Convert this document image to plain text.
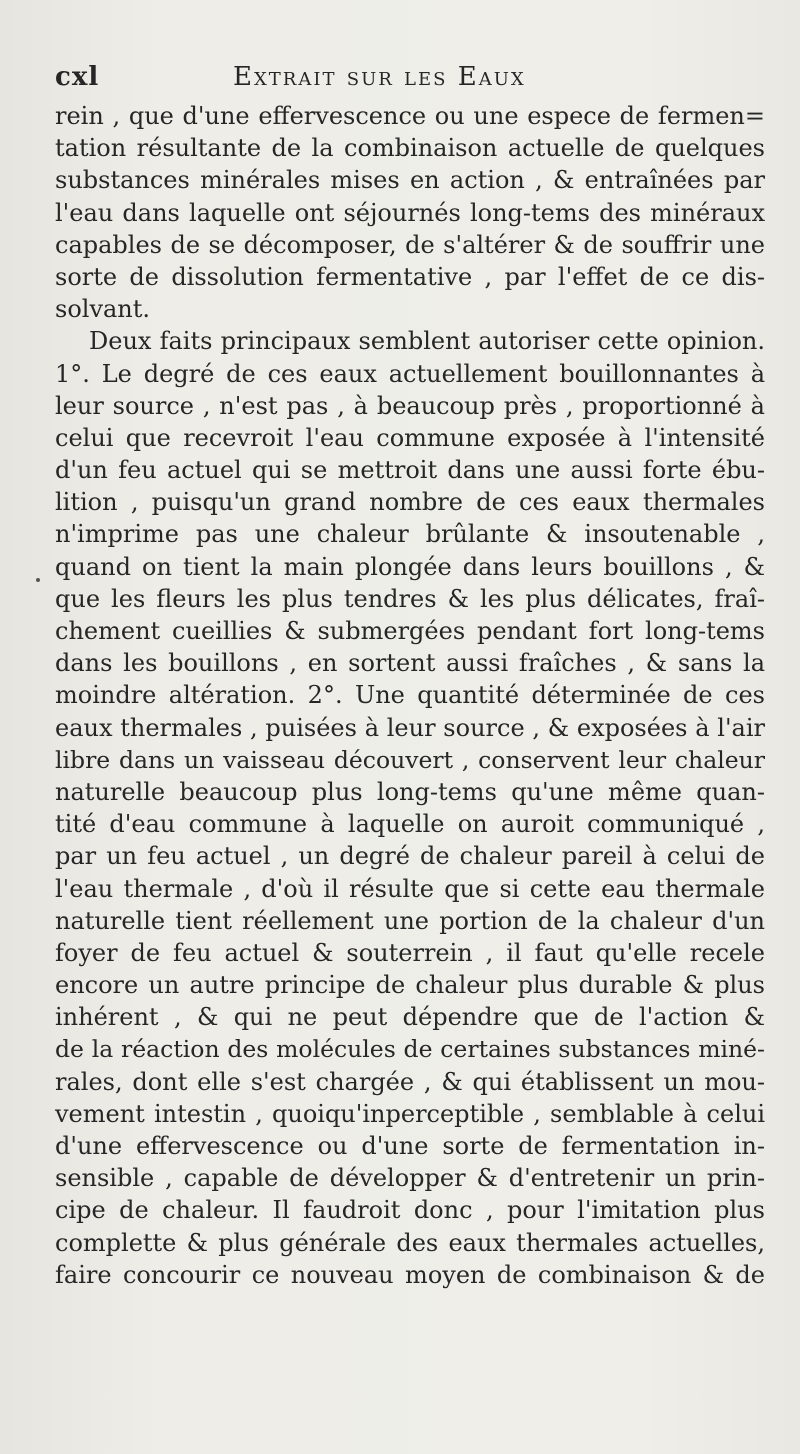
cxl	Extrait sur les Eaux
rein , que d'une effervescence ou une espece de fermen=
tation résultante de la combinaison actuelle de quelques
substances minérales mises en action , & entraînées par
l'eau dans laquelle ont séjournés long-tems des minéraux
capables de se décomposer, de s'altérer & de souffrir une
sorte de dissolution fermentative , par l'effet de ce dis-
solvant.
Deux faits principaux semblent autoriser cette opinion.
1°. Le degré de ces eaux actuellement bouillonnantes à
leur source , n'est pas , à beaucoup près , proportionné à
celui que recevroit l'eau commune exposée à l'intensité
d'un feu actuel qui se mettroit dans une aussi forte ébu-
lition , puisqu'un grand nombre de ces eaux thermales
n'imprime pas une chaleur brûlante & insoutenable ,
quand on tient la main plongée dans leurs bouillons , &
que les fleurs les plus tendres & les plus délicates, fraî-
chement cueillies & submergées pendant fort long-tems
dans les bouillons , en sortent aussi fraîches , & sans la
moindre altération. 2°. Une quantité déterminée de ces
eaux thermales , puisées à leur source , & exposées à l'air
libre dans un vaisseau découvert , conservent leur chaleur
naturelle beaucoup plus long-tems qu'une même quan-
tité d'eau commune à laquelle on auroit communiqué ,
par un feu actuel , un degré de chaleur pareil à celui de
l'eau thermale , d'où il résulte que si cette eau thermale
naturelle tient réellement une portion de la chaleur d'un
foyer de feu actuel & souterrein , il faut qu'elle recele
encore un autre principe de chaleur plus durable & plus
inhérent , & qui ne peut dépendre que de l'action &
de la réaction des molécules de certaines substances miné-
rales, dont elle s'est chargée , & qui établissent un mou-
vement intestin , quoiqu'inperceptible , semblable à celui
d'une effervescence ou d'une sorte de fermentation in-
sensible , capable de développer & d'entretenir un prin-
cipe de chaleur. Il faudroit donc , pour l'imitation plus
complette & plus générale des eaux thermales actuelles,
faire concourir ce nouveau moyen de combinaison & de
